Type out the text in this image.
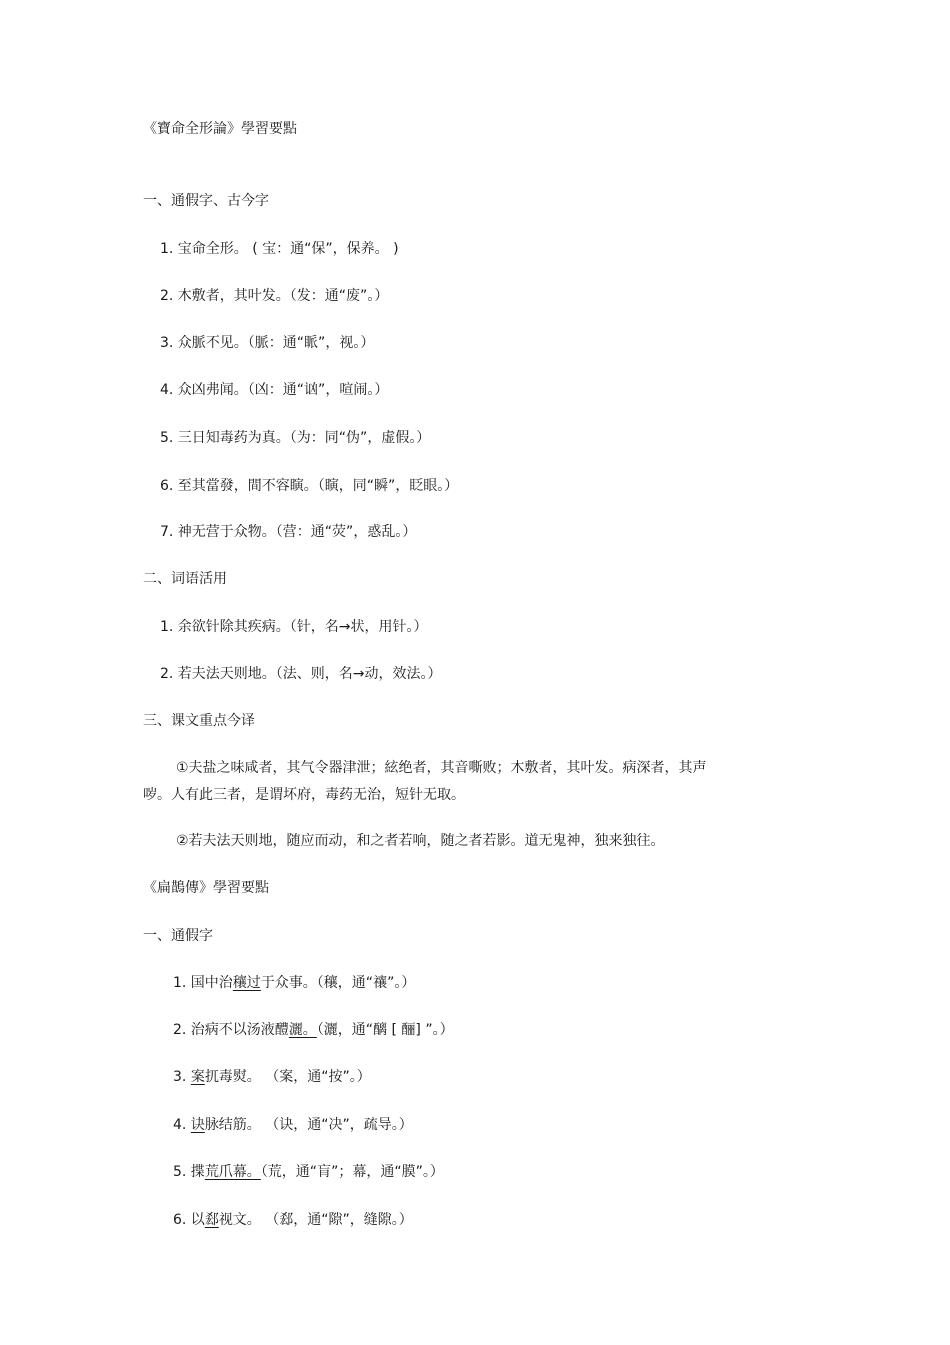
《寶命全形論》學習要點
一、通假字、古今字
1. 宝命全形。 ( 宝：通“保”，保养。 )
2. 木敷者，其叶发。（发：通“废”。）
3. 众脈不见。（脈：通“眽”，视。）
4. 众凶弗闻。（凶：通“讻”，喧闹。）
5. 三日知毒药为真。（为：同“伪”，虚假。）
6. 至其當發，間不容瞚。（瞚，同“瞬”，眨眼。）
7. 神无营于众物。（营：通“荧”，惑乱。）
二、词语活用
1. 余欲针除其疾病。（针，名→状，用针。）
2. 若夫法天则地。（法、则，名→动，效法。）
三、课文重点今译
①夫盐之味咸者，其气令器津泄；絃绝者，其音嘶败；木敷者，其叶发。病深者，其声
哕。人有此三者，是谓坏府，毒药无治，短针无取。
②若夫法天则地，随应而动，和之者若响，随之者若影。道无鬼神，独来独往。
《扁鵲傳》學習要點
一、通假字
1. 国中治穰过于众事。（穰，通“禳”。）
2. 治病不以汤液醴灑。（灑，通“醨 [ 酾] ”。）
3. 案扤毒熨。 （案，通“按”。）
4. 诀脉结筋。 （诀，通“决”，疏导。）
5. 揲荒爪幕。（荒，通“肓”；幕，通“膜”。）
6. 以郄视文。 （郄，通“隙”，缝隙。）
